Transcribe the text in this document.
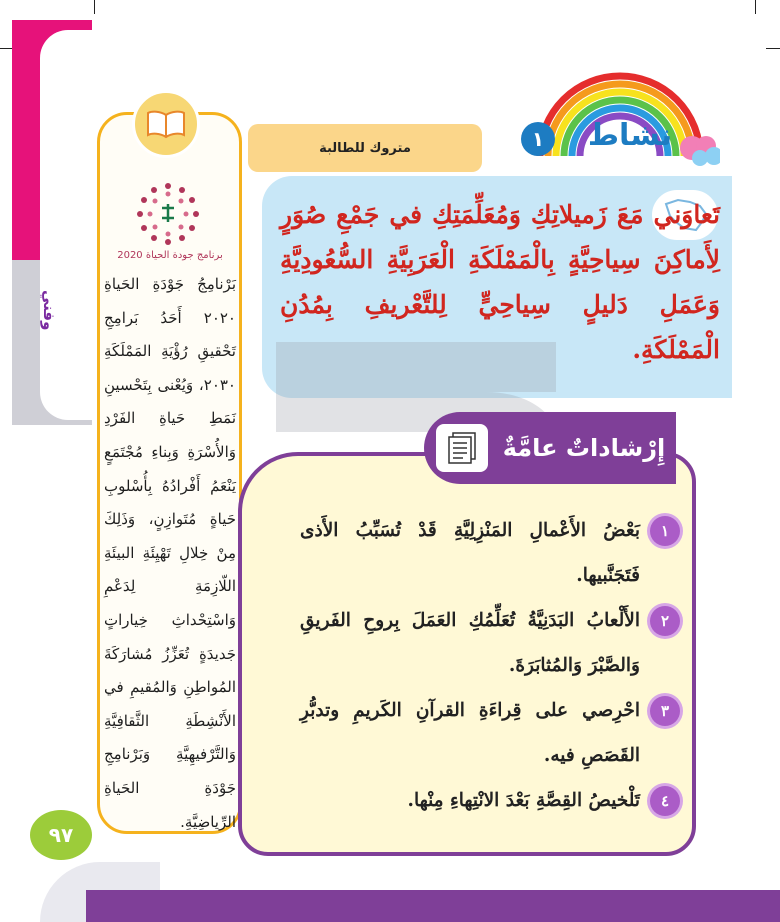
الوحدة الثالثة
وفني
برنامج جودة الحياة 2020
بَرْنامِجُ جَوْدَةِ الحَياةِ ٢٠٢٠ أَحَدُ بَرامِجِ تَحْقيقِ رُؤْيَةِ المَمْلَكَةِ ٢٠٣٠، وَيُعْنى بِتَحْسينِ نَمَطِ حَياةِ الفَرْدِ وَالأُسْرَةِ وَبِناءِ مُجْتَمَعٍ يَنْعَمُ أَفْرادُهُ بِأُسْلوبِ حَياةٍ مُتَوازِنٍ، وَذَلِكَ مِنْ خِلالِ تَهْيِئَةِ البيئَةِ اللّازِمَةِ لِدَعْمِ وَاسْتِحْداثِ خِياراتٍ جَديدَةٍ تُعَزِّزُ مُشارَكَةَ المُواطِنِ وَالمُقيمِ في الأَنْشِطَةِ الثَّقافِيَّةِ وَالتَّرْفيهِيَّةِ وَبَرْنامِجِ جَوْدَةِ الحَياةِ الرِّياضِيَّةِ.
٩٧
نشاط
١
متروك للطالبة
تَعاوَني مَعَ زَميلاتِكِ وَمُعَلِّمَتِكِ في جَمْعِ صُوَرٍ لِأَماكِنَ سِياحِيَّةٍ بِالْمَمْلَكَةِ الْعَرَبِيَّةِ السُّعُودِيَّةِ وَعَمَلِ دَليلٍ سِياحِيٍّ لِلتَّعْريفِ بِمُدُنِ الْمَمْلَكَةِ.
إِرْشاداتٌ عامَّةٌ
١
بَعْضُ الأَعْمالِ المَنْزِلِيَّةِ قَدْ تُسَبِّبُ الأَذى فَتَجَنَّبيها.
٢
الأَلْعابُ البَدَنِيَّةُ تُعَلِّمُكِ العَمَلَ بِروحِ الفَريقِ وَالصَّبْرَ وَالمُثابَرَةَ.
٣
احْرِصي على قِراءَةِ القرآنِ الكَريمِ وتدبُّرِ القَصَصِ فيه.
٤
تَلْخيصُ القِصَّةِ بَعْدَ الانْتِهاءِ مِنْها.
